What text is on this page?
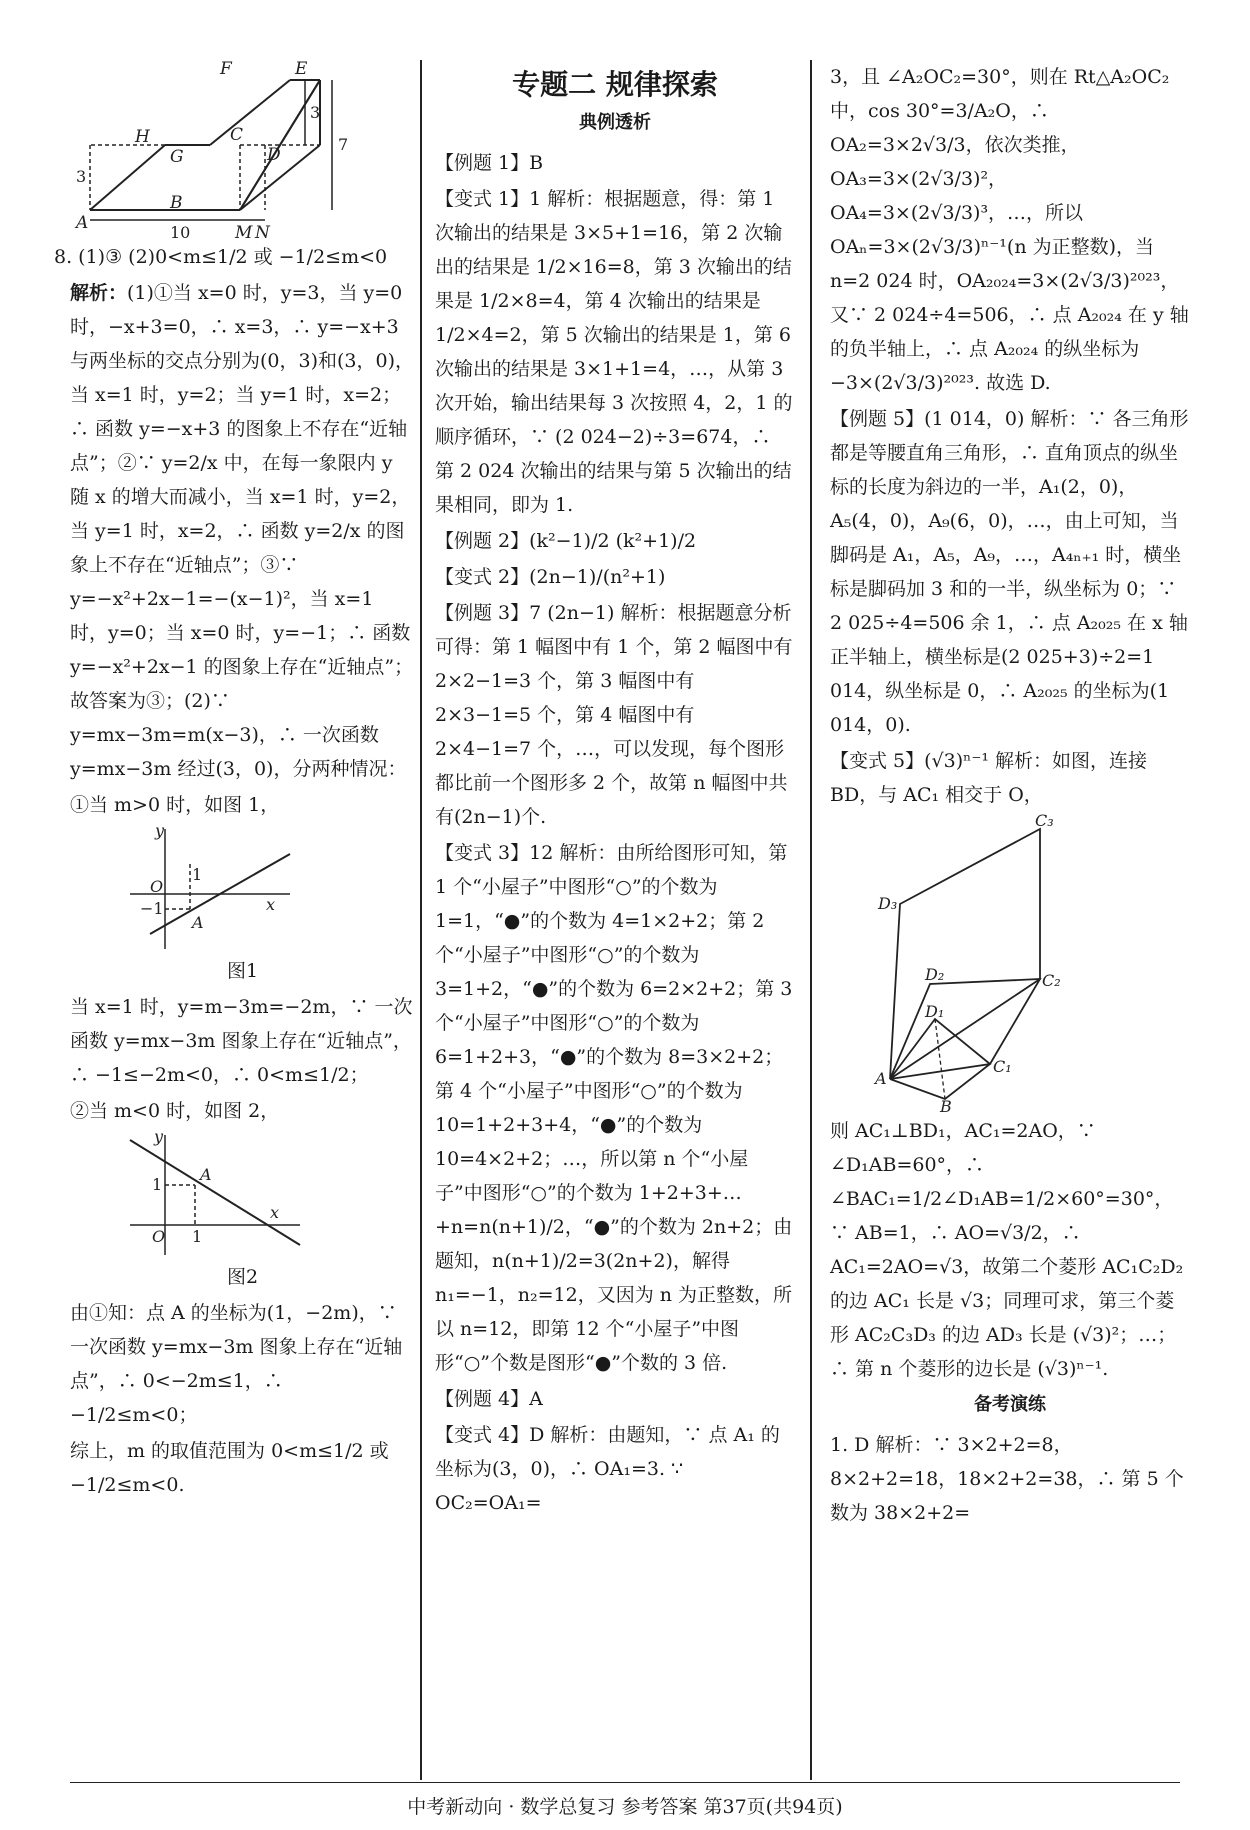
F	E
H
G
C
D
A
B
M N
3
3
7
10

8. (1)③ (2)0<m≤1/2 或 −1/2≤m<0

解析：(1)①当 x=0 时，y=3，当 y=0 时，−x+3=0，∴ x=3，∴ y=−x+3 与两坐标的交点分别为(0，3)和(3，0)，当 x=1 时，y=2；当 y=1 时，x=2；∴ 函数 y=−x+3 的图象上不存在“近轴点”；②∵ y=2/x 中，在每一象限内 y 随 x 的增大而减小，当 x=1 时，y=2，当 y=1 时，x=2，∴ 函数 y=2/x 的图象上不存在“近轴点”；③∵ y=−x²+2x−1=−(x−1)²，当 x=1 时，y=0；当 x=0 时，y=−1；∴ 函数 y=−x²+2x−1 的图象上存在“近轴点”；故答案为③；(2)∵ y=mx−3m=m(x−3)，∴ 一次函数 y=mx−3m 经过(3，0)，分两种情况：

①当 m>0 时，如图 1，

y
x
O
1
−1
A

图1

当 x=1 时，y=m−3m=−2m，∵ 一次函数 y=mx−3m 图象上存在“近轴点”，∴ −1≤−2m<0，∴ 0<m≤1/2；

②当 m<0 时，如图 2，

y
x
O
1
1
A

图2

由①知：点 A 的坐标为(1，−2m)，∵ 一次函数 y=mx−3m 图象上存在“近轴点”，∴ 0<−2m≤1，∴ −1/2≤m<0；

综上，m 的取值范围为 0<m≤1/2 或 −1/2≤m<0.

专题二 规律探索
典例透析

【例题 1】B

【变式 1】1 解析：根据题意，得：第 1 次输出的结果是 3×5+1=16，第 2 次输出的结果是 1/2×16=8，第 3 次输出的结果是 1/2×8=4，第 4 次输出的结果是 1/2×4=2，第 5 次输出的结果是 1，第 6 次输出的结果是 3×1+1=4，…，从第 3 次开始，输出结果每 3 次按照 4，2，1 的顺序循环，∵ (2 024−2)÷3=674，∴ 第 2 024 次输出的结果与第 5 次输出的结果相同，即为 1.

【例题 2】(k²−1)/2 (k²+1)/2

【变式 2】(2n−1)/(n²+1)

【例题 3】7 (2n−1) 解析：根据题意分析可得：第 1 幅图中有 1 个，第 2 幅图中有 2×2−1=3 个，第 3 幅图中有 2×3−1=5 个，第 4 幅图中有 2×4−1=7 个，…，可以发现，每个图形都比前一个图形多 2 个，故第 n 幅图中共有(2n−1)个.

【变式 3】12 解析：由所给图形可知，第 1 个“小屋子”中图形“○”的个数为 1=1，“●”的个数为 4=1×2+2；第 2 个“小屋子”中图形“○”的个数为 3=1+2，“●”的个数为 6=2×2+2；第 3 个“小屋子”中图形“○”的个数为 6=1+2+3，“●”的个数为 8=3×2+2；第 4 个“小屋子”中图形“○”的个数为 10=1+2+3+4，“●”的个数为 10=4×2+2；…，所以第 n 个“小屋子”中图形“○”的个数为 1+2+3+…+n=n(n+1)/2，“●”的个数为 2n+2；由题知，n(n+1)/2=3(2n+2)，解得 n₁=−1，n₂=12，又因为 n 为正整数，所以 n=12，即第 12 个“小屋子”中图形“○”个数是图形“●”个数的 3 倍.

【例题 4】A

【变式 4】D 解析：由题知，∵ 点 A₁ 的坐标为(3，0)，∴ OA₁=3. ∵ OC₂=OA₁=

3，且 ∠A₂OC₂=30°，则在 Rt△A₂OC₂ 中，cos 30°=3/A₂O，∴ OA₂=3×2√3/3，依次类推，OA₃=3×(2√3/3)²，OA₄=3×(2√3/3)³，…，所以 OAₙ=3×(2√3/3)ⁿ⁻¹(n 为正整数)，当 n=2 024 时，OA₂₀₂₄=3×(2√3/3)²⁰²³，又∵ 2 024÷4=506，∴ 点 A₂₀₂₄ 在 y 轴的负半轴上，∴ 点 A₂₀₂₄ 的纵坐标为 −3×(2√3/3)²⁰²³. 故选 D.

【例题 5】(1 014，0) 解析：∵ 各三角形都是等腰直角三角形，∴ 直角顶点的纵坐标的长度为斜边的一半，A₁(2，0)，A₅(4，0)，A₉(6，0)，…，由上可知，当脚码是 A₁，A₅，A₉，…，A₄ₙ₊₁ 时，横坐标是脚码加 3 和的一半，纵坐标为 0；∵ 2 025÷4=506 余 1，∴ 点 A₂₀₂₅ 在 x 轴正半轴上，横坐标是(2 025+3)÷2=1 014，纵坐标是 0，∴ A₂₀₂₅ 的坐标为(1 014，0).

【变式 5】(√3)ⁿ⁻¹ 解析：如图，连接 BD，与 AC₁ 相交于 O，

C₃
D₃
D₂	C₂
D₁
A
C₁
B

则 AC₁⊥BD₁，AC₁=2AO，∵ ∠D₁AB=60°，∴ ∠BAC₁=1/2∠D₁AB=1/2×60°=30°，∵ AB=1，∴ AO=√3/2，∴ AC₁=2AO=√3，故第二个菱形 AC₁C₂D₂ 的边 AC₁ 长是 √3；同理可求，第三个菱形 AC₂C₃D₃ 的边 AD₃ 长是 (√3)²；…；∴ 第 n 个菱形的边长是 (√3)ⁿ⁻¹.

备考演练

1. D 解析：∵ 3×2+2=8，8×2+2=18，18×2+2=38，∴ 第 5 个数为 38×2+2=

中考新动向 · 数学总复习 参考答案 第37页(共94页)
